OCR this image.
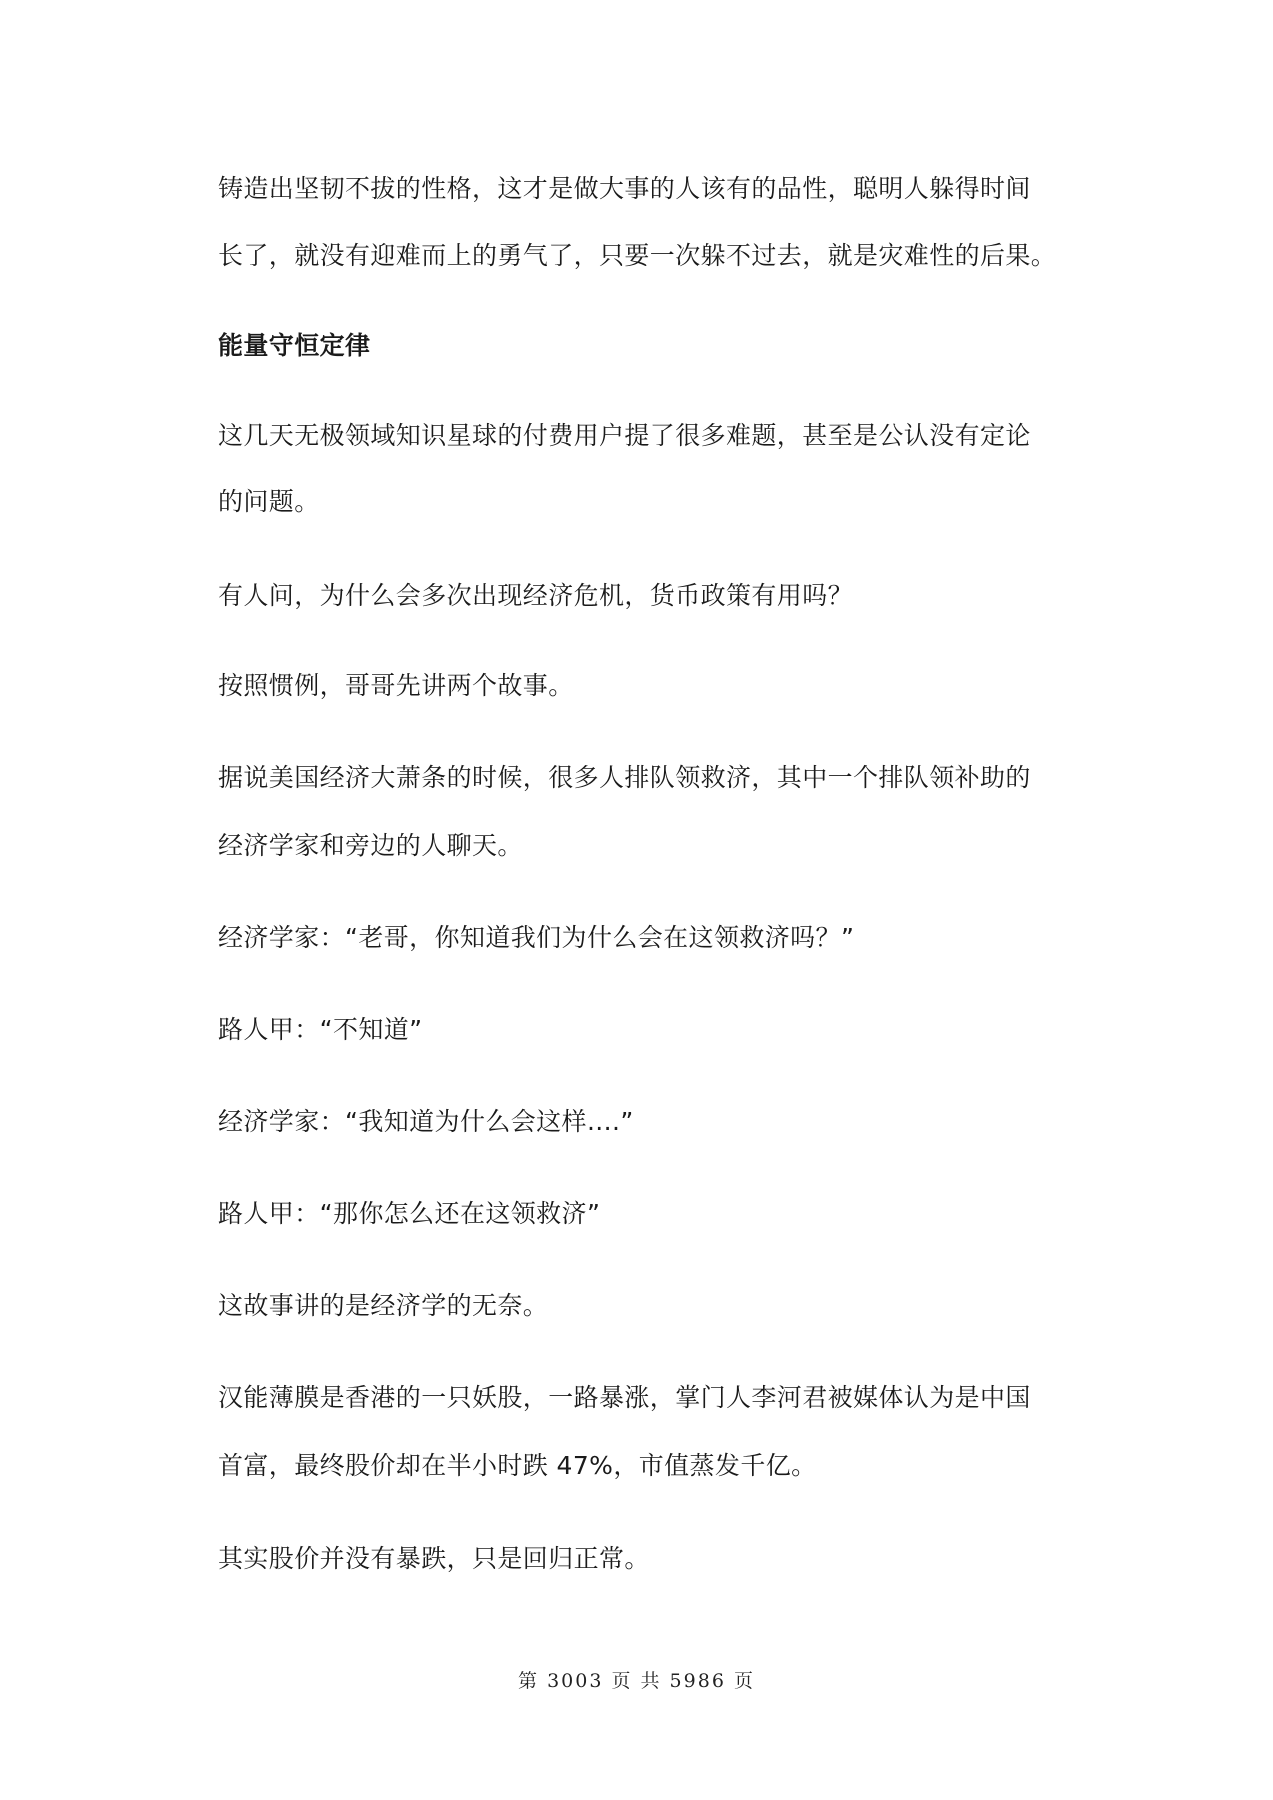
铸造出坚韧不拔的性格，这才是做大事的人该有的品性，聪明人躲得时间
长了，就没有迎难而上的勇气了，只要一次躲不过去，就是灾难性的后果。
能量守恒定律
这几天无极领域知识星球的付费用户提了很多难题，甚至是公认没有定论
的问题。
有人问，为什么会多次出现经济危机，货币政策有用吗？
按照惯例，哥哥先讲两个故事。
据说美国经济大萧条的时候，很多人排队领救济，其中一个排队领补助的
经济学家和旁边的人聊天。
经济学家：“老哥，你知道我们为什么会在这领救济吗？”
路人甲：“不知道”
经济学家：“我知道为什么会这样....”
路人甲：“那你怎么还在这领救济”
这故事讲的是经济学的无奈。
汉能薄膜是香港的一只妖股，一路暴涨，掌门人李河君被媒体认为是中国
首富，最终股价却在半小时跌 47%，市值蒸发千亿。
其实股价并没有暴跌，只是回归正常。
第 3003 页 共 5986 页
